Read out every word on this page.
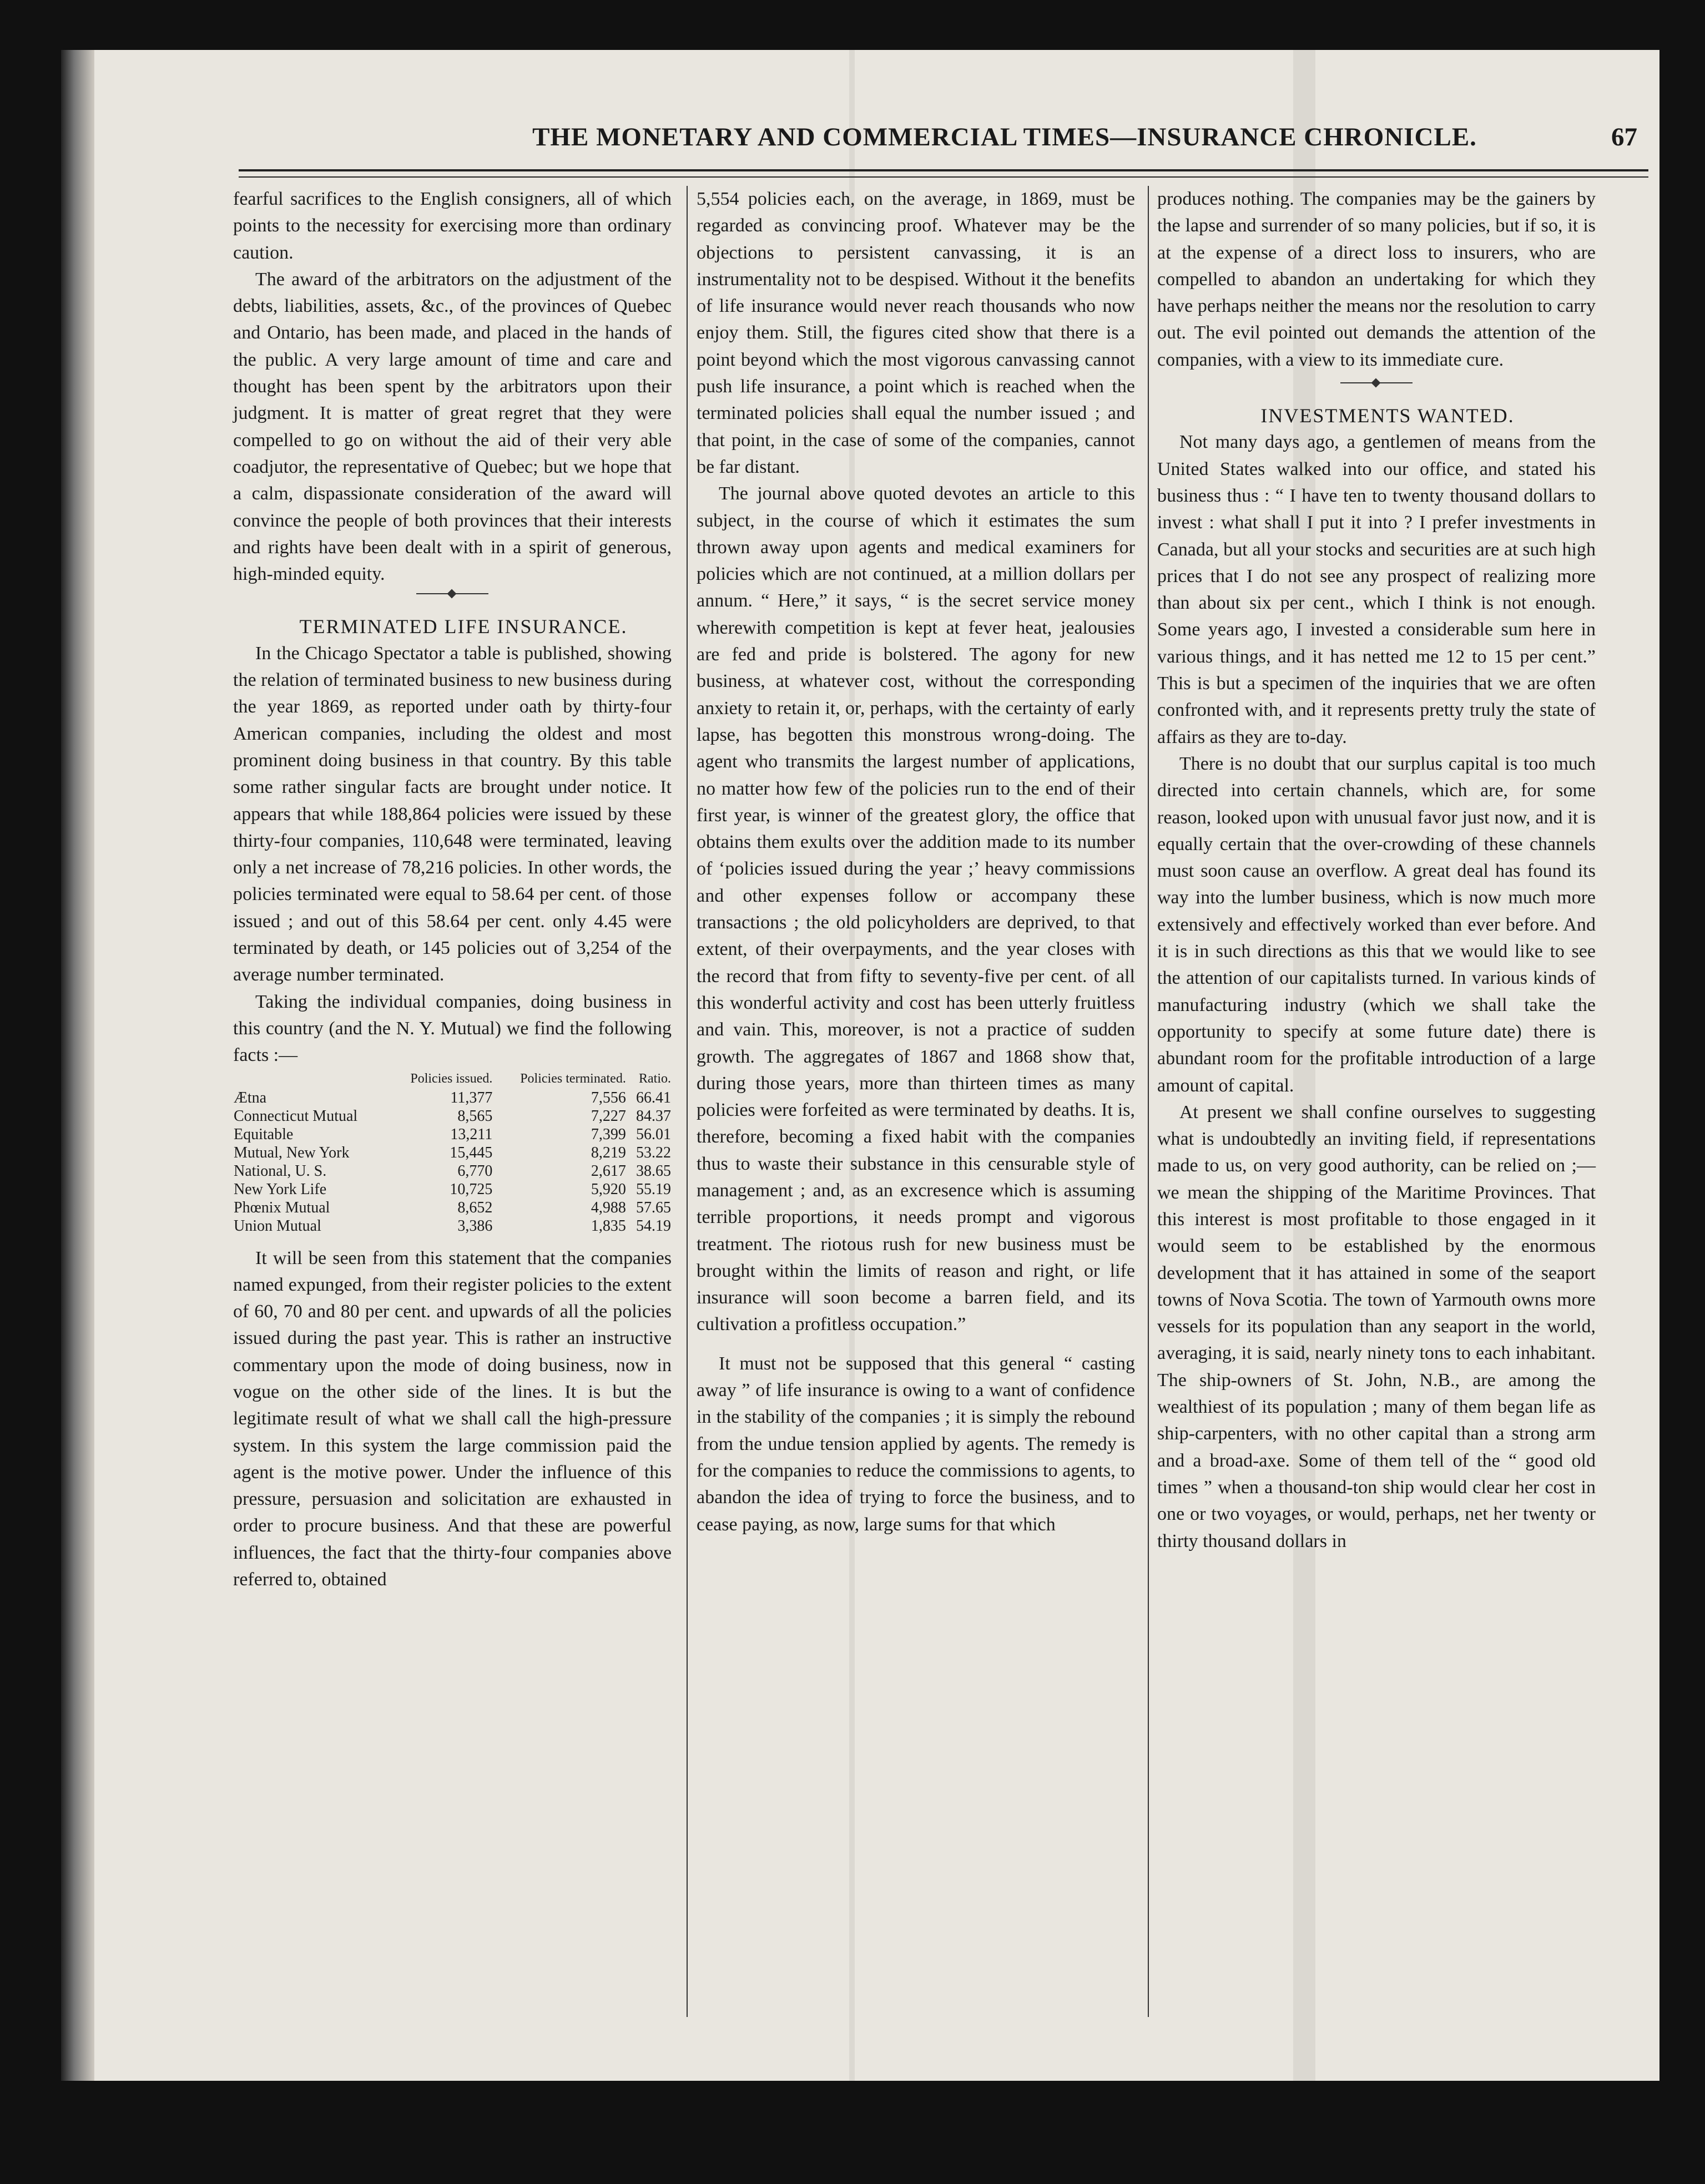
THE MONETARY AND COMMERCIAL TIMES—INSURANCE CHRONICLE.	67

fearful sacrifices to the English consigners, all of which points to the necessity for exercising more than ordinary caution.

The award of the arbitrators on the adjustment of the debts, liabilities, assets, &c., of the provinces of Quebec and Ontario, has been made, and placed in the hands of the public. A very large amount of time and care and thought has been spent by the arbitrators upon their judgment. It is matter of great regret that they were compelled to go on without the aid of their very able coadjutor, the representative of Quebec; but we hope that a calm, dispassionate consideration of the award will convince the people of both provinces that their interests and rights have been dealt with in a spirit of generous, high-minded equity.

TERMINATED LIFE INSURANCE.

In the Chicago Spectator a table is published, showing the relation of terminated business to new business during the year 1869, as reported under oath by thirty-four American companies, including the oldest and most prominent doing business in that country. By this table some rather singular facts are brought under notice. It appears that while 188,864 policies were issued by these thirty-four companies, 110,648 were terminated, leaving only a net increase of 78,216 policies. In other words, the policies terminated were equal to 58.64 per cent. of those issued ; and out of this 58.64 per cent. only 4.45 were terminated by death, or 145 policies out of 3,254 of the average number terminated.

Taking the individual companies, doing business in this country (and the N. Y. Mutual) we find the following facts :—

	Policies issued.	Policies terminated.	Ratio.
Ætna	11,377	7,556	66.41
Connecticut Mutual	8,565	7,227	84.37
Equitable	13,211	7,399	56.01
Mutual, New York	15,445	8,219	53.22
National, U. S.	6,770	2,617	38.65
New York Life	10,725	5,920	55.19
Phœnix Mutual	8,652	4,988	57.65
Union Mutual	3,386	1,835	54.19

It will be seen from this statement that the companies named expunged, from their register policies to the extent of 60, 70 and 80 per cent. and upwards of all the policies issued during the past year. This is rather an instructive commentary upon the mode of doing business, now in vogue on the other side of the lines. It is but the legitimate result of what we shall call the high-pressure system. In this system the large commission paid the agent is the motive power. Under the influence of this pressure, persuasion and solicitation are exhausted in order to procure business. And that these are powerful influences, the fact that the thirty-four companies above referred to, obtained

5,554 policies each, on the average, in 1869, must be regarded as convincing proof. Whatever may be the objections to persistent canvassing, it is an instrumentality not to be despised. Without it the benefits of life insurance would never reach thousands who now enjoy them. Still, the figures cited show that there is a point beyond which the most vigorous canvassing cannot push life insurance, a point which is reached when the terminated policies shall equal the number issued ; and that point, in the case of some of the companies, cannot be far distant.

The journal above quoted devotes an article to this subject, in the course of which it estimates the sum thrown away upon agents and medical examiners for policies which are not continued, at a million dollars per annum. “ Here,” it says, “ is the secret service money wherewith competition is kept at fever heat, jealousies are fed and pride is bolstered. The agony for new business, at whatever cost, without the corresponding anxiety to retain it, or, perhaps, with the certainty of early lapse, has begotten this monstrous wrong-doing. The agent who transmits the largest number of applications, no matter how few of the policies run to the end of their first year, is winner of the greatest glory, the office that obtains them exults over the addition made to its number of ‘policies issued during the year ;’ heavy commissions and other expenses follow or accompany these transactions ; the old policyholders are deprived, to that extent, of their overpayments, and the year closes with the record that from fifty to seventy-five per cent. of all this wonderful activity and cost has been utterly fruitless and vain. This, moreover, is not a practice of sudden growth. The aggregates of 1867 and 1868 show that, during those years, more than thirteen times as many policies were forfeited as were terminated by deaths. It is, therefore, becoming a fixed habit with the companies thus to waste their substance in this censurable style of management ; and, as an excresence which is assuming terrible proportions, it needs prompt and vigorous treatment. The riotous rush for new business must be brought within the limits of reason and right, or life insurance will soon become a barren field, and its cultivation a profitless occupation.”

It must not be supposed that this general “ casting away ” of life insurance is owing to a want of confidence in the stability of the companies ; it is simply the rebound from the undue tension applied by agents. The remedy is for the companies to reduce the commissions to agents, to abandon the idea of trying to force the business, and to cease paying, as now, large sums for that which

produces nothing. The companies may be the gainers by the lapse and surrender of so many policies, but if so, it is at the expense of a direct loss to insurers, who are compelled to abandon an undertaking for which they have perhaps neither the means nor the resolution to carry out. The evil pointed out demands the attention of the companies, with a view to its immediate cure.

INVESTMENTS WANTED.

Not many days ago, a gentlemen of means from the United States walked into our office, and stated his business thus : “ I have ten to twenty thousand dollars to invest : what shall I put it into ? I prefer investments in Canada, but all your stocks and securities are at such high prices that I do not see any prospect of realizing more than about six per cent., which I think is not enough. Some years ago, I invested a considerable sum here in various things, and it has netted me 12 to 15 per cent.” This is but a specimen of the inquiries that we are often confronted with, and it represents pretty truly the state of affairs as they are to-day.

There is no doubt that our surplus capital is too much directed into certain channels, which are, for some reason, looked upon with unusual favor just now, and it is equally certain that the over-crowding of these channels must soon cause an overflow. A great deal has found its way into the lumber business, which is now much more extensively and effectively worked than ever before. And it is in such directions as this that we would like to see the attention of our capitalists turned. In various kinds of manufacturing industry (which we shall take the opportunity to specify at some future date) there is abundant room for the profitable introduction of a large amount of capital.

At present we shall confine ourselves to suggesting what is undoubtedly an inviting field, if representations made to us, on very good authority, can be relied on ;—we mean the shipping of the Maritime Provinces. That this interest is most profitable to those engaged in it would seem to be established by the enormous development that it has attained in some of the seaport towns of Nova Scotia. The town of Yarmouth owns more vessels for its population than any seaport in the world, averaging, it is said, nearly ninety tons to each inhabitant. The ship-owners of St. John, N.B., are among the wealthiest of its population ; many of them began life as ship-carpenters, with no other capital than a strong arm and a broad-axe. Some of them tell of the “ good old times ” when a thousand-ton ship would clear her cost in one or two voyages, or would, perhaps, net her twenty or thirty thousand dollars in
